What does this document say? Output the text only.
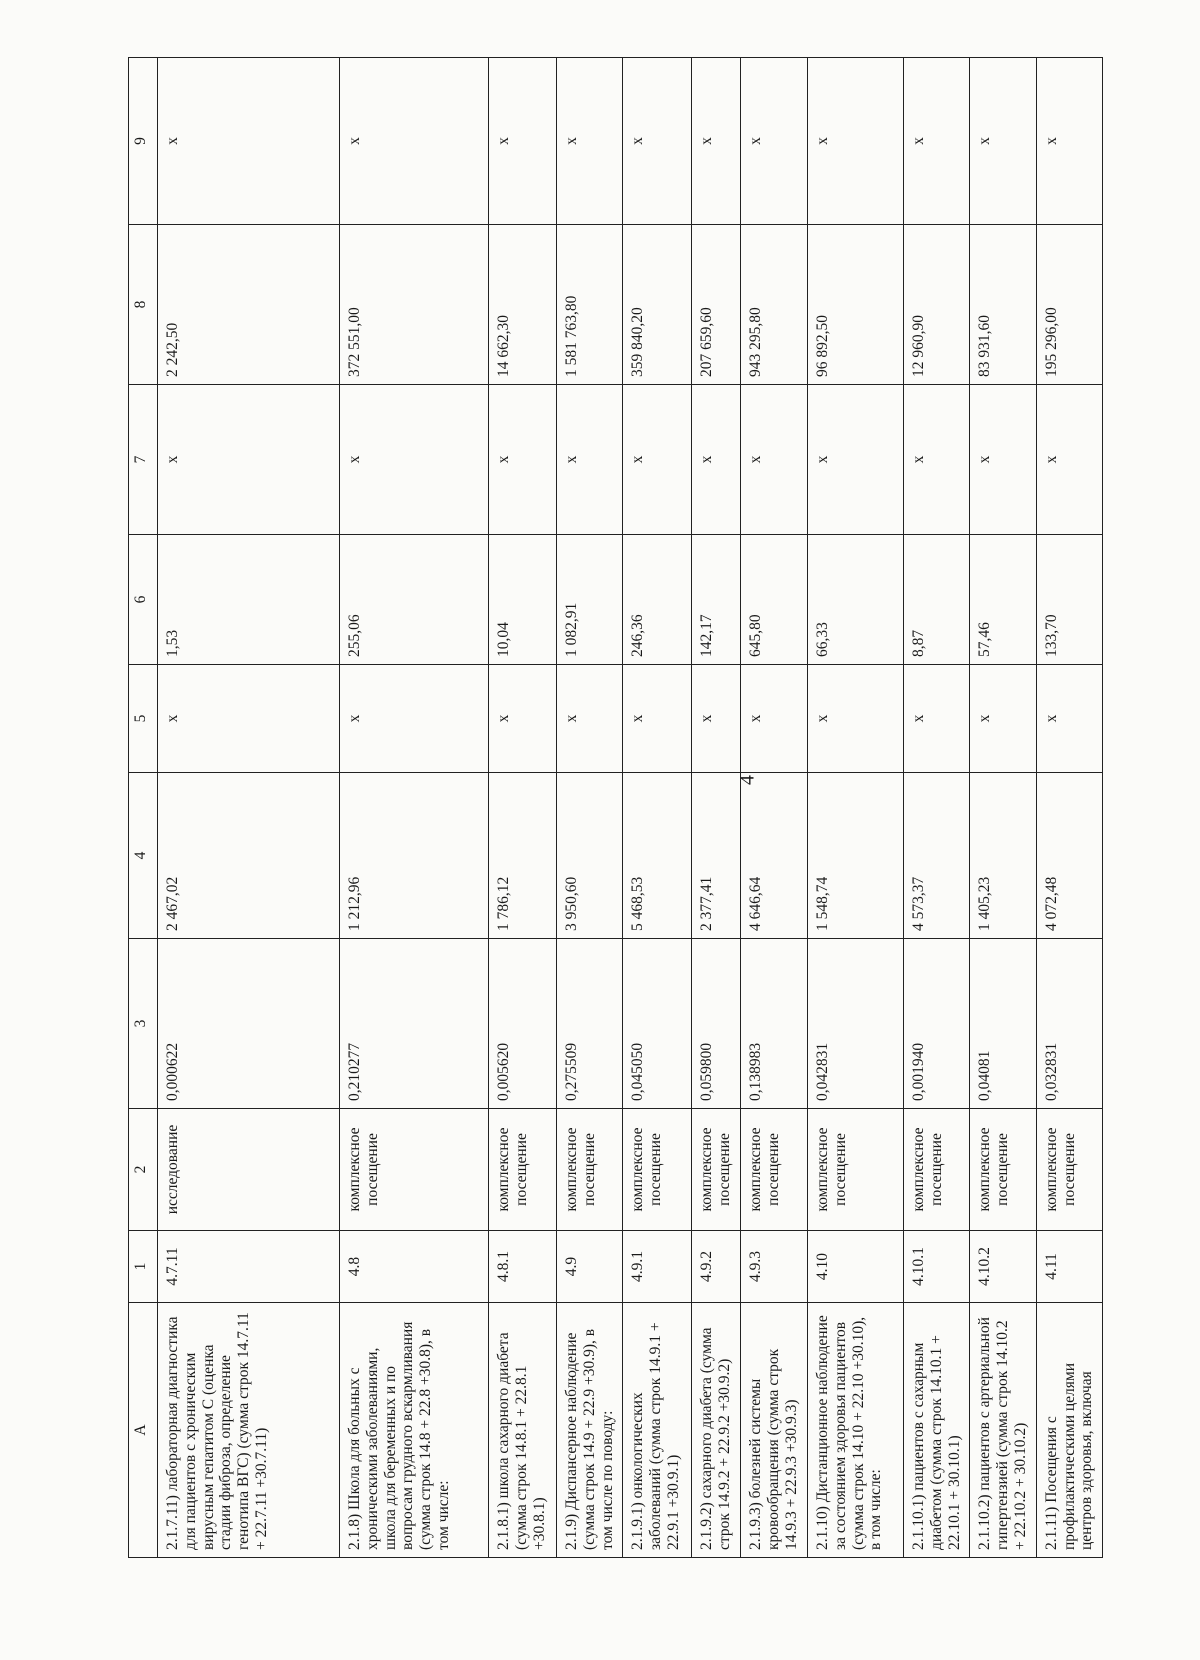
4
А	1	2	3	4	5	6	7	8	9
2.1.7.11) лабораторная диагностика для пациентов с хроническим вирусным гепатитом С (оценка стадии фиброза, определение генотипа ВГС) (сумма строк 14.7.11 + 22.7.11 +30.7.11)	4.7.11	исследование	0,000622	2 467,02	х	1,53	х	2 242,50	х
2.1.8) Школа для больных с хроническими заболеваниями, школа для беременных и по вопросам грудного вскармливания (сумма строк 14.8 + 22.8 +30.8), в том числе:	4.8	комплексное посещение	0,210277	1 212,96	х	255,06	х	372 551,00	х
2.1.8.1) школа сахарного диабета (сумма строк 14.8.1 + 22.8.1 +30.8.1)	4.8.1	комплексное посещение	0,005620	1 786,12	х	10,04	х	14 662,30	х
2.1.9) Диспансерное наблюдение (сумма строк 14.9 + 22.9 +30.9), в том числе по поводу:	4.9	комплексное посещение	0,275509	3 950,60	х	1 082,91	х	1 581 763,80	х
2.1.9.1) онкологических заболеваний (сумма строк 14.9.1 + 22.9.1 +30.9.1)	4.9.1	комплексное посещение	0,045050	5 468,53	х	246,36	х	359 840,20	х
2.1.9.2) сахарного диабета (сумма строк 14.9.2 + 22.9.2 +30.9.2)	4.9.2	комплексное посещение	0,059800	2 377,41	х	142,17	х	207 659,60	х
2.1.9.3) болезней системы кровообращения (сумма строк 14.9.3 + 22.9.3 +30.9.3)	4.9.3	комплексное посещение	0,138983	4 646,64	х	645,80	х	943 295,80	х
2.1.10) Дистанционное наблюдение за состоянием здоровья пациентов (сумма строк 14.10 + 22.10 +30.10), в том числе:	4.10	комплексное посещение	0,042831	1 548,74	х	66,33	х	96 892,50	х
2.1.10.1) пациентов с сахарным диабетом (сумма строк 14.10.1 + 22.10.1 + 30.10.1)	4.10.1	комплексное посещение	0,001940	4 573,37	х	8,87	х	12 960,90	х
2.1.10.2) пациентов с артериальной гипертензией (сумма строк 14.10.2 + 22.10.2 + 30.10.2)	4.10.2	комплексное посещение	0,04081	1 405,23	х	57,46	х	83 931,60	х
2.1.11) Посещения с профилактическими целями центров здоровья, включая	4.11	комплексное посещение	0,032831	4 072,48	х	133,70	х	195 296,00	х
